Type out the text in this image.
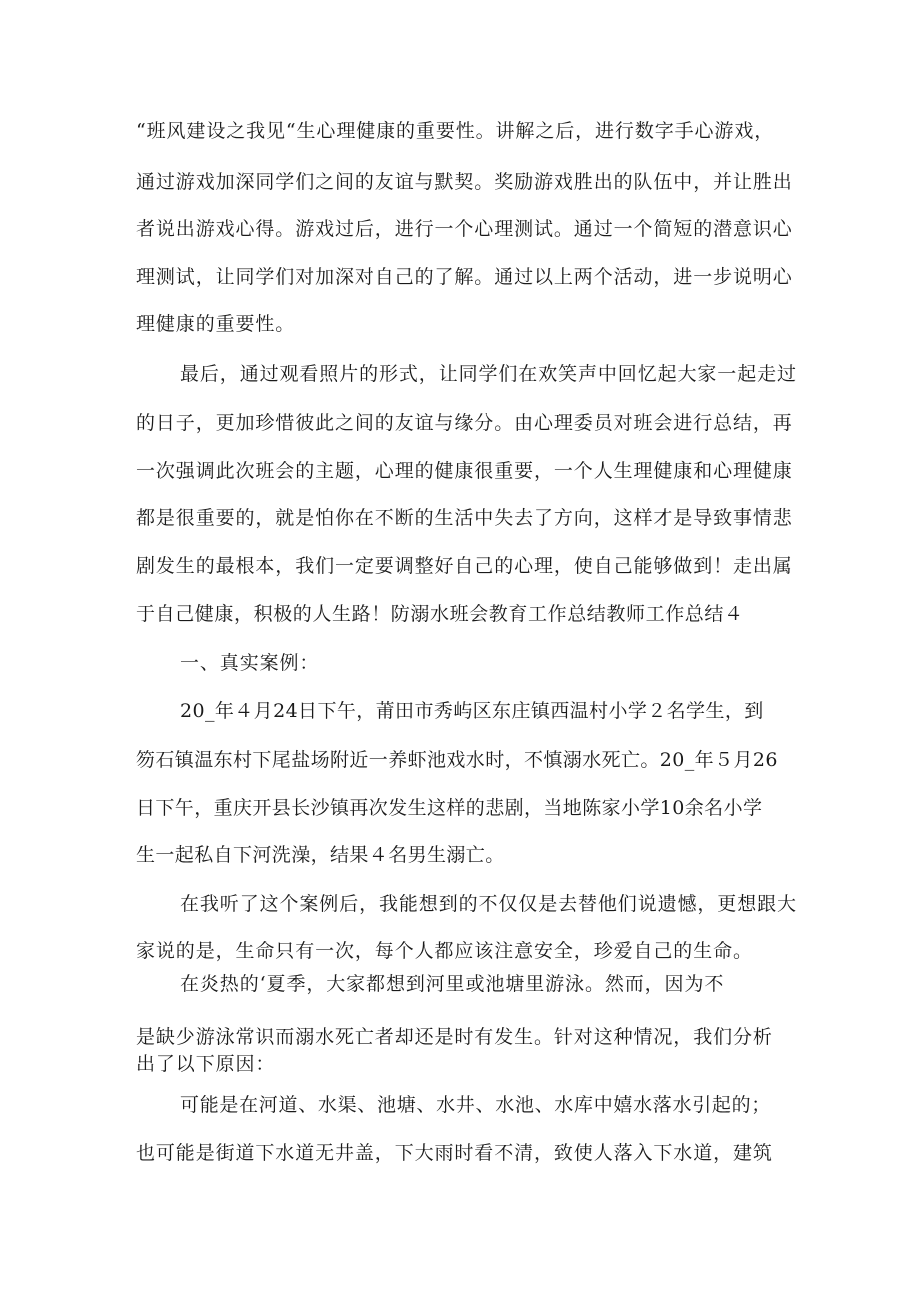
“班风建设之我见“生心理健康的重要性。讲解之后，进行数字手心游戏，
通过游戏加深同学们之间的友谊与默契。奖励游戏胜出的队伍中，并让胜出
者说出游戏心得。游戏过后，进行一个心理测试。通过一个简短的潜意识心
理测试，让同学们对加深对自己的了解。通过以上两个活动，进一步说明心
理健康的重要性。
最后，通过观看照片的形式，让同学们在欢笑声中回忆起大家一起走过
的日子，更加珍惜彼此之间的友谊与缘分。由心理委员对班会进行总结，再
一次强调此次班会的主题，心理的健康很重要，一个人生理健康和心理健康
都是很重要的，就是怕你在不断的生活中失去了方向，这样才是导致事情悲
剧发生的最根本，我们一定要调整好自己的心理，使自己能够做到！走出属
于自己健康，积极的人生路！防溺水班会教育工作总结教师工作总结４
一、真实案例：
20_年４月24日下午，莆田市秀屿区东庄镇西温村小学２名学生，到
笏石镇温东村下尾盐场附近一养虾池戏水时，不慎溺水死亡。20_年５月26
日下午，重庆开县长沙镇再次发生这样的悲剧，当地陈家小学10余名小学
生一起私自下河洗澡，结果４名男生溺亡。
在我听了这个案例后，我能想到的不仅仅是去替他们说遗憾，更想跟大
家说的是，生命只有一次，每个人都应该注意安全，珍爱自己的生命。
在炎热的‘夏季，大家都想到河里或池塘里游泳。然而，因为不
是缺少游泳常识而溺水死亡者却还是时有发生。针对这种情况，我们分析
出了以下原因：
可能是在河道、水渠、池塘、水井、水池、水库中嬉水落水引起的；
也可能是街道下水道无井盖，下大雨时看不清，致使人落入下水道，建筑
